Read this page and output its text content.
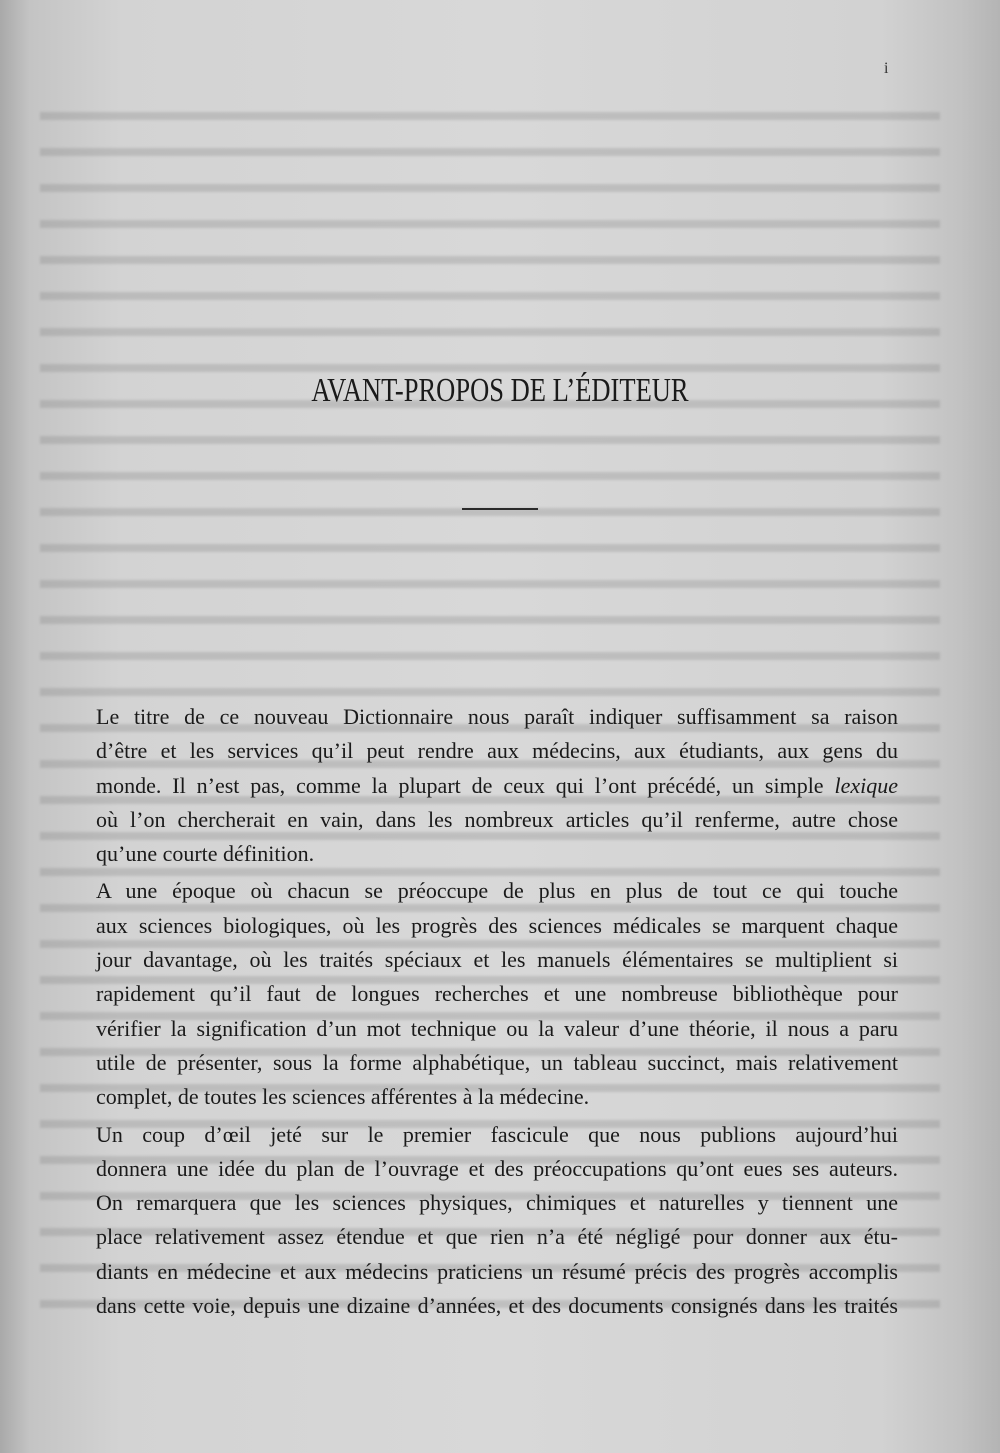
i
AVANT-PROPOS DE L’ÉDITEUR
Le titre de ce nouveau Dictionnaire nous paraît indiquer suffisamment sa raison
d’être et les services qu’il peut rendre aux médecins, aux étudiants, aux gens du
monde. Il n’est pas, comme la plupart de ceux qui l’ont précédé, un simple lexique
où l’on chercherait en vain, dans les nombreux articles qu’il renferme, autre chose
qu’une courte définition.
A une époque où chacun se préoccupe de plus en plus de tout ce qui touche
aux sciences biologiques, où les progrès des sciences médicales se marquent chaque
jour davantage, où les traités spéciaux et les manuels élémentaires se multiplient si
rapidement qu’il faut de longues recherches et une nombreuse bibliothèque pour
vérifier la signification d’un mot technique ou la valeur d’une théorie, il nous a paru
utile de présenter, sous la forme alphabétique, un tableau succinct, mais relativement
complet, de toutes les sciences afférentes à la médecine.
Un coup d’œil jeté sur le premier fascicule que nous publions aujourd’hui
donnera une idée du plan de l’ouvrage et des préoccupations qu’ont eues ses auteurs.
On remarquera que les sciences physiques, chimiques et naturelles y tiennent une
place relativement assez étendue et que rien n’a été négligé pour donner aux étu-
diants en médecine et aux médecins praticiens un résumé précis des progrès accomplis
dans cette voie, depuis une dizaine d’années, et des documents consignés dans les traités
